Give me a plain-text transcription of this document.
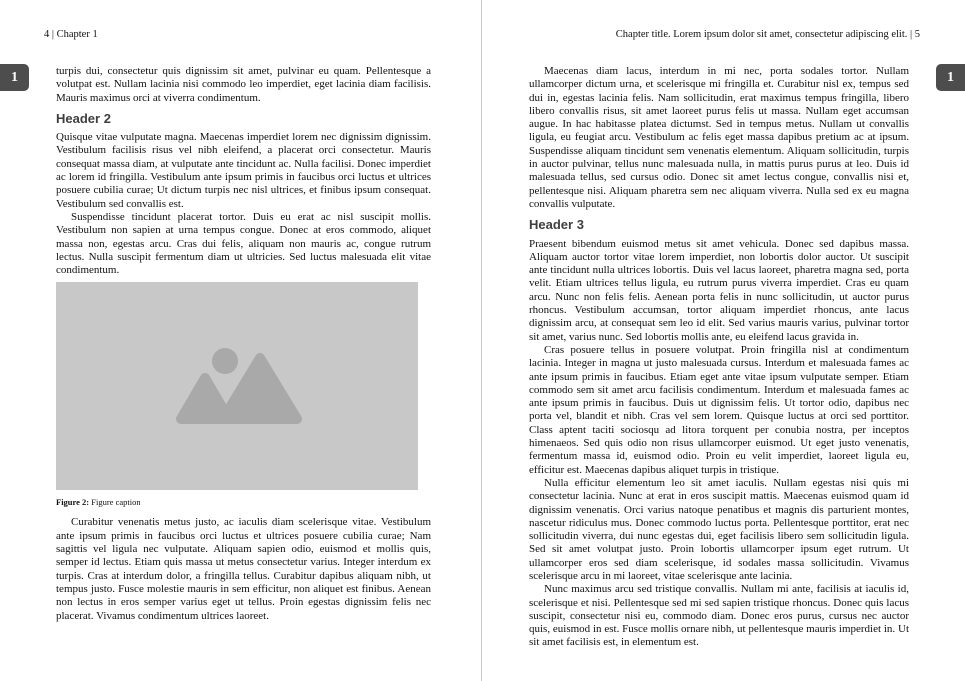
4 | Chapter 1
1	turpis dui, consectetur quis dignissim sit amet, pulvinar eu quam. Pellentesque a volutpat est. Nullam lacinia nisi commodo leo imperdiet, eget lacinia diam facilisis. Mauris maximus orci at viverra condimentum.

Header 2

Quisque vitae vulputate magna. Maecenas imperdiet lorem nec dignissim dignissim. Vestibulum facilisis risus vel nibh eleifend, a placerat orci consectetur. Mauris consequat massa diam, at vulputate ante tincidunt ac. Nulla facilisi. Donec imperdiet ac lorem id fringilla. Vestibulum ante ipsum primis in faucibus orci luctus et ultrices posuere cubilia curae; Ut dictum turpis nec nisl ultrices, et finibus ipsum consequat. Vestibulum sed convallis est.

Suspendisse tincidunt placerat tortor. Duis eu erat ac nisl suscipit mollis. Vestibulum non sapien at urna tempus congue. Donec at eros commodo, aliquet massa non, egestas arcu. Cras dui felis, aliquam non mauris ac, congue rutrum lectus. Nulla suscipit fermentum diam ut ultricies. Sed luctus malesuada elit vitae condimentum.

Figure 2: Figure caption

Curabitur venenatis metus justo, ac iaculis diam scelerisque vitae. Vestibulum ante ipsum primis in faucibus orci luctus et ultrices posuere cubilia curae; Nam sagittis vel ligula nec vulputate. Aliquam sapien odio, euismod et mollis quis, semper id lectus. Etiam quis massa ut metus consectetur varius. Integer interdum ex turpis. Cras at interdum dolor, a fringilla tellus. Curabitur dapibus aliquam nibh, ut tempus justo. Fusce molestie mauris in sem efficitur, non aliquet est finibus. Aenean non lectus in eros semper varius eget ut tellus. Proin egestas dignissim felis nec placerat. Vivamus condimentum ultrices laoreet.

Chapter title. Lorem ipsum dolor sit amet, consectetur adipiscing elit. | 5
1

Maecenas diam lacus, interdum in mi nec, porta sodales tortor. Nullam ullamcorper dictum urna, et scelerisque mi fringilla et. Curabitur nisl ex, tempus sed dui in, egestas lacinia felis. Nam sollicitudin, erat maximus tempus fringilla, libero libero convallis risus, sit amet laoreet purus felis ut massa. Nullam eget accumsan augue. In hac habitasse platea dictumst. Sed in tempus metus. Nullam ut convallis ligula, eu feugiat arcu. Vestibulum ac felis eget massa dapibus pretium ac at ipsum. Suspendisse aliquam tincidunt sem venenatis elementum. Aliquam sollicitudin, turpis in auctor pulvinar, tellus nunc malesuada nulla, in mattis purus purus at leo. Duis id malesuada tellus, sed cursus odio. Donec sit amet lectus congue, convallis nisi et, pellentesque nisi. Aliquam pharetra sem nec aliquam viverra. Nulla sed ex eu magna convallis vulputate.

Header 3

Praesent bibendum euismod metus sit amet vehicula. Donec sed dapibus massa. Aliquam auctor tortor vitae lorem imperdiet, non lobortis dolor auctor. Ut suscipit ante tincidunt nulla ultrices lobortis. Duis vel lacus laoreet, pharetra magna sed, porta velit. Etiam ultrices tellus ligula, eu rutrum purus viverra imperdiet. Cras eu quam arcu. Nunc non felis felis. Aenean porta felis in nunc sollicitudin, ut auctor purus rhoncus. Vestibulum accumsan, tortor aliquam imperdiet rhoncus, ante lacus dignissim arcu, at consequat sem leo id elit. Sed varius mauris varius, pulvinar tortor sit amet, varius nunc. Sed lobortis mollis ante, eu eleifend lacus gravida in.

Cras posuere tellus in posuere volutpat. Proin fringilla nisl at condimentum lacinia. Integer in magna ut justo malesuada cursus. Interdum et malesuada fames ac ante ipsum primis in faucibus. Etiam eget ante vitae ipsum vulputate semper. Etiam commodo sem sit amet arcu facilisis condimentum. Interdum et malesuada fames ac ante ipsum primis in faucibus. Duis ut dignissim felis. Ut tortor odio, dapibus nec porta vel, blandit et nibh. Cras vel sem lorem. Quisque luctus at orci sed porttitor. Class aptent taciti sociosqu ad litora torquent per conubia nostra, per inceptos himenaeos. Sed quis odio non risus ullamcorper euismod. Ut eget justo venenatis, fermentum massa id, euismod odio. Proin eu velit imperdiet, laoreet ligula eu, efficitur est. Maecenas dapibus aliquet turpis in tristique.

Nulla efficitur elementum leo sit amet iaculis. Nullam egestas nisi quis mi consectetur lacinia. Nunc at erat in eros suscipit mattis. Maecenas euismod quam id dignissim venenatis. Orci varius natoque penatibus et magnis dis parturient montes, nascetur ridiculus mus. Donec commodo luctus porta. Pellentesque porttitor, erat nec sollicitudin viverra, dui nunc egestas dui, eget facilisis libero sem sollicitudin ligula. Sed sit amet volutpat justo. Proin lobortis ullamcorper ipsum eget rutrum. Ut ullamcorper eros sed diam scelerisque, id sodales massa sollicitudin. Vivamus scelerisque arcu in mi laoreet, vitae scelerisque ante lacinia.

Nunc maximus arcu sed tristique convallis. Nullam mi ante, facilisis at iaculis id, scelerisque et nisi. Pellentesque sed mi sed sapien tristique rhoncus. Donec quis lacus suscipit, consectetur nisi eu, commodo diam. Donec eros purus, cursus nec auctor quis, euismod in est. Fusce mollis ornare nibh, ut pellentesque mauris imperdiet in. Ut sit amet facilisis est, in elementum est.
